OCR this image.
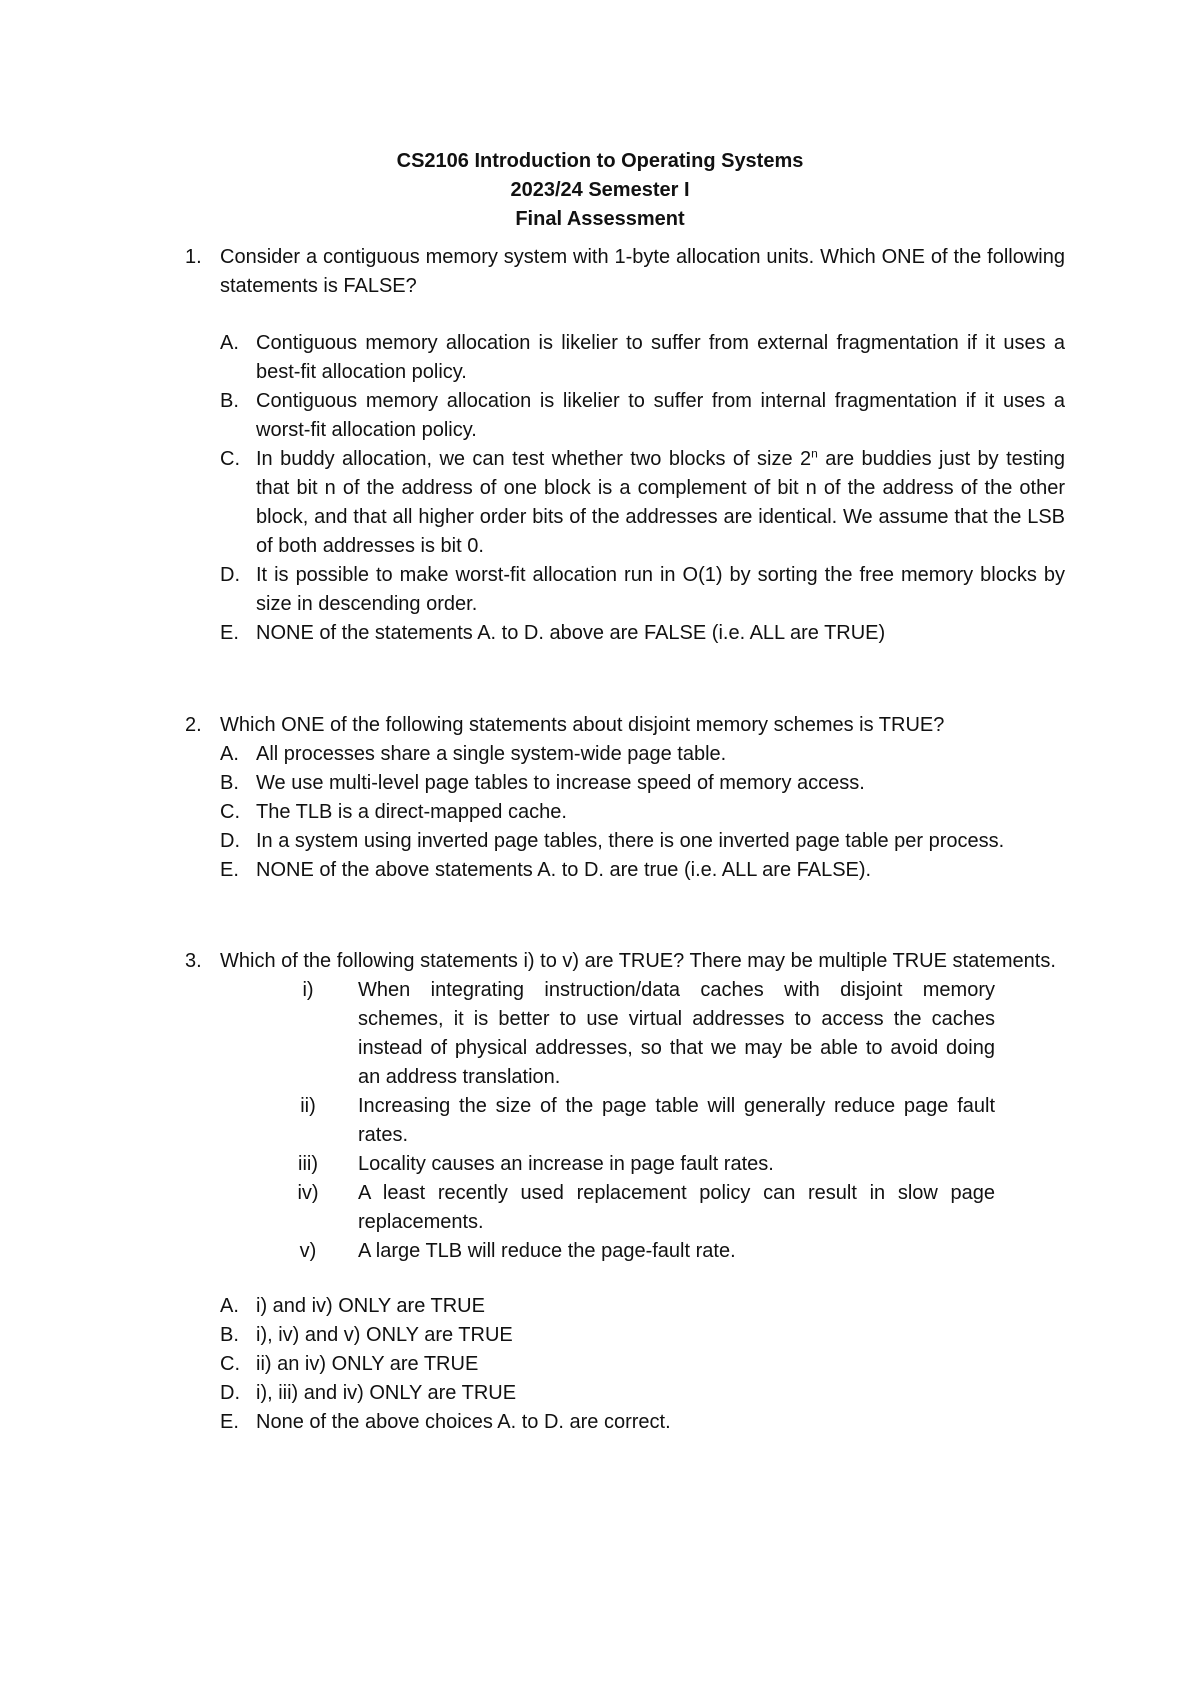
CS2106 Introduction to Operating Systems
2023/24 Semester I
Final Assessment
1. Consider a contiguous memory system with 1-byte allocation units. Which ONE of the following statements is FALSE?
A. Contiguous memory allocation is likelier to suffer from external fragmentation if it uses a best-fit allocation policy.
B. Contiguous memory allocation is likelier to suffer from internal fragmentation if it uses a worst-fit allocation policy.
C. In buddy allocation, we can test whether two blocks of size 2$^n$ are buddies just by testing that bit n of the address of one block is a complement of bit n of the address of the other block, and that all higher order bits of the addresses are identical. We assume that the LSB of both addresses is bit 0.
D. It is possible to make worst-fit allocation run in O(1) by sorting the free memory blocks by size in descending order.
E. NONE of the statements A. to D. above are FALSE (i.e. ALL are TRUE)
2. Which ONE of the following statements about disjoint memory schemes is TRUE?
A. All processes share a single system-wide page table.
B. We use multi-level page tables to increase speed of memory access.
C. The TLB is a direct-mapped cache.
D. In a system using inverted page tables, there is one inverted page table per process.
E. NONE of the above statements A. to D. are true (i.e. ALL are FALSE).
3. Which of the following statements i) to v) are TRUE? There may be multiple TRUE statements.
i)	When integrating instruction/data caches with disjoint memory schemes, it is better to use virtual addresses to access the caches instead of physical addresses, so that we may be able to avoid doing an address translation.
ii)	Increasing the size of the page table will generally reduce page fault rates.
iii)	Locality causes an increase in page fault rates.
iv)	A least recently used replacement policy can result in slow page replacements.
v)	A large TLB will reduce the page-fault rate.
A. i) and iv) ONLY are TRUE
B. i), iv) and v) ONLY are TRUE
C. ii) an iv) ONLY are TRUE
D. i), iii) and iv) ONLY are TRUE
E. None of the above choices A. to D. are correct.
